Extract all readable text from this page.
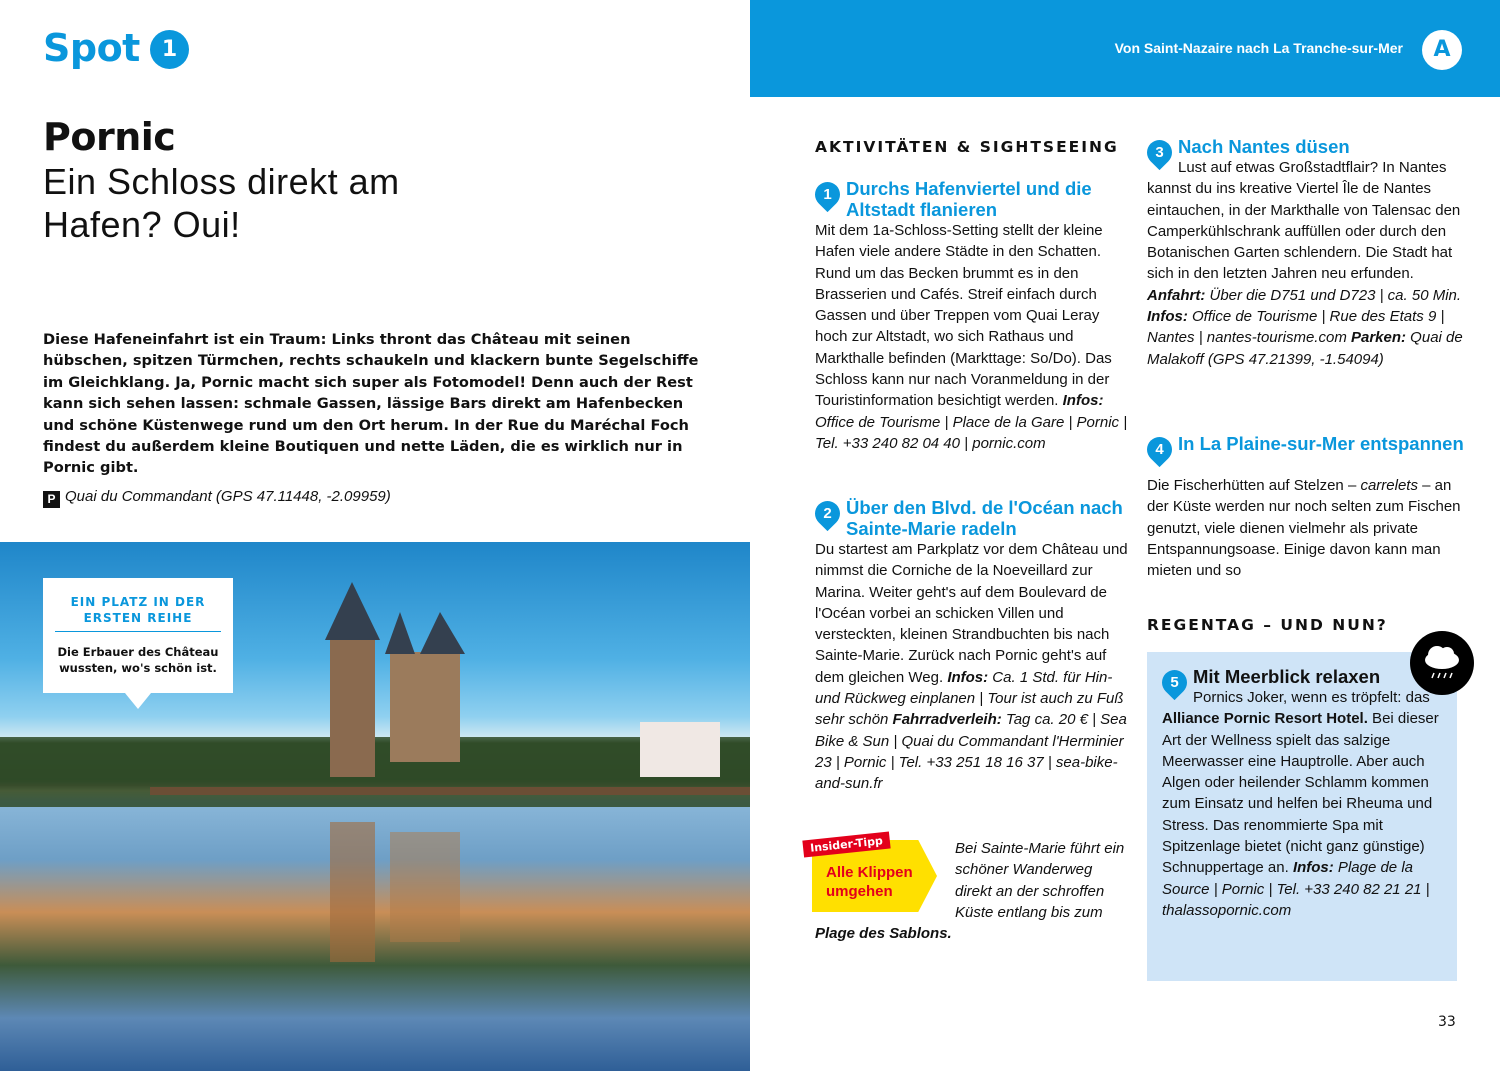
Spot	1
Pornic
Ein Schloss direkt am Hafen? Oui!

Diese Hafeneinfahrt ist ein Traum: Links thront das Château mit seinen hübschen, spitzen Türmchen, rechts schaukeln und klackern bunte Segelschiffe im Gleichklang. Ja, Pornic macht sich super als Fotomodel! Denn auch der Rest kann sich sehen lassen: schmale Gassen, lässige Bars direkt am Hafenbecken und schöne Küstenwege rund um den Ort herum. In der Rue du Maréchal Foch findest du außerdem kleine Boutiquen und nette Läden, die es wirklich nur in Pornic gibt.

P Quai du Commandant (GPS 47.11448, -2.09959)
EIN PLATZ IN DER ERSTEN REIHE
Die Erbauer des Château wussten, wo's schön ist.
Von Saint-Nazaire nach La Tranche-sur-Mer	A
AKTIVITÄTEN & SIGHTSEEING
1 Durchs Hafenviertel und die Altstadt flanieren

Mit dem 1a-Schloss-Setting stellt der kleine Hafen viele andere Städte in den Schatten. Rund um das Becken brummt es in den Brasserien und Cafés. Streif einfach durch Gassen und über Treppen vom Quai Leray hoch zur Altstadt, wo sich Rathaus und Markthalle befinden (Markttage: So/Do). Das Schloss kann nur nach Voranmeldung in der Touristinformation besichtigt werden. Infos: Office de Tourisme | Place de la Gare | Pornic | Tel. +33 240 82 04 40 | pornic.com

2 Über den Blvd. de l'Océan nach Sainte-Marie radeln

Du startest am Parkplatz vor dem Château und nimmst die Corniche de la Noeveillard zur Marina. Weiter geht's auf dem Boulevard de l'Océan vorbei an schicken Villen und versteckten, kleinen Strandbuchten bis nach Sainte-Marie. Zurück nach Pornic geht's auf dem gleichen Weg. Infos: Ca. 1 Std. für Hin- und Rückweg einplanen | Tour ist auch zu Fuß sehr schön Fahrradverleih: Tag ca. 20 € | Sea Bike & Sun | Quai du Commandant l'Herminier 23 | Pornic | Tel. +33 251 18 16 37 | sea-bike-and-sun.fr

3 Nach Nantes düsen

Lust auf etwas Großstadtflair? In Nantes kannst du ins kreative Viertel Île de Nantes eintauchen, in der Markthalle von Talensac den Camperkühlschrank auffüllen oder durch den Botanischen Garten schlendern. Die Stadt hat sich in den letzten Jahren neu erfunden. Anfahrt: Über die D751 und D723 | ca. 50 Min. Infos: Office de Tourisme | Rue des Etats 9 | Nantes | nantes-tourisme.com Parken: Quai de Malakoff (GPS 47.21399, -1.54094)

4 In La Plaine-sur-Mer entspannen

Die Fischerhütten auf Stelzen – carrelets – an der Küste werden nur noch selten zum Fischen genutzt, viele dienen vielmehr als private Entspannungsoase. Einige davon kann man mieten und so

Insider-Tipp
Alle Klippen umgehen

Bei Sainte-Marie führt ein schöner Wanderweg direkt an der schroffen Küste entlang bis zum Plage des Sablons.

REGENTAG – UND NUN?
5 Mit Meerblick relaxen

Pornics Joker, wenn es tröpfelt: das Alliance Pornic Resort Hotel. Bei dieser Art der Wellness spielt das salzige Meerwasser eine Hauptrolle. Aber auch Algen oder heilender Schlamm kommen zum Einsatz und helfen bei Rheuma und Stress. Das renommierte Spa mit Spitzenlage bietet (nicht ganz günstige) Schnuppertage an. Infos: Plage de la Source | Pornic | Tel. +33 240 82 21 21 | thalassopornic.com

33
